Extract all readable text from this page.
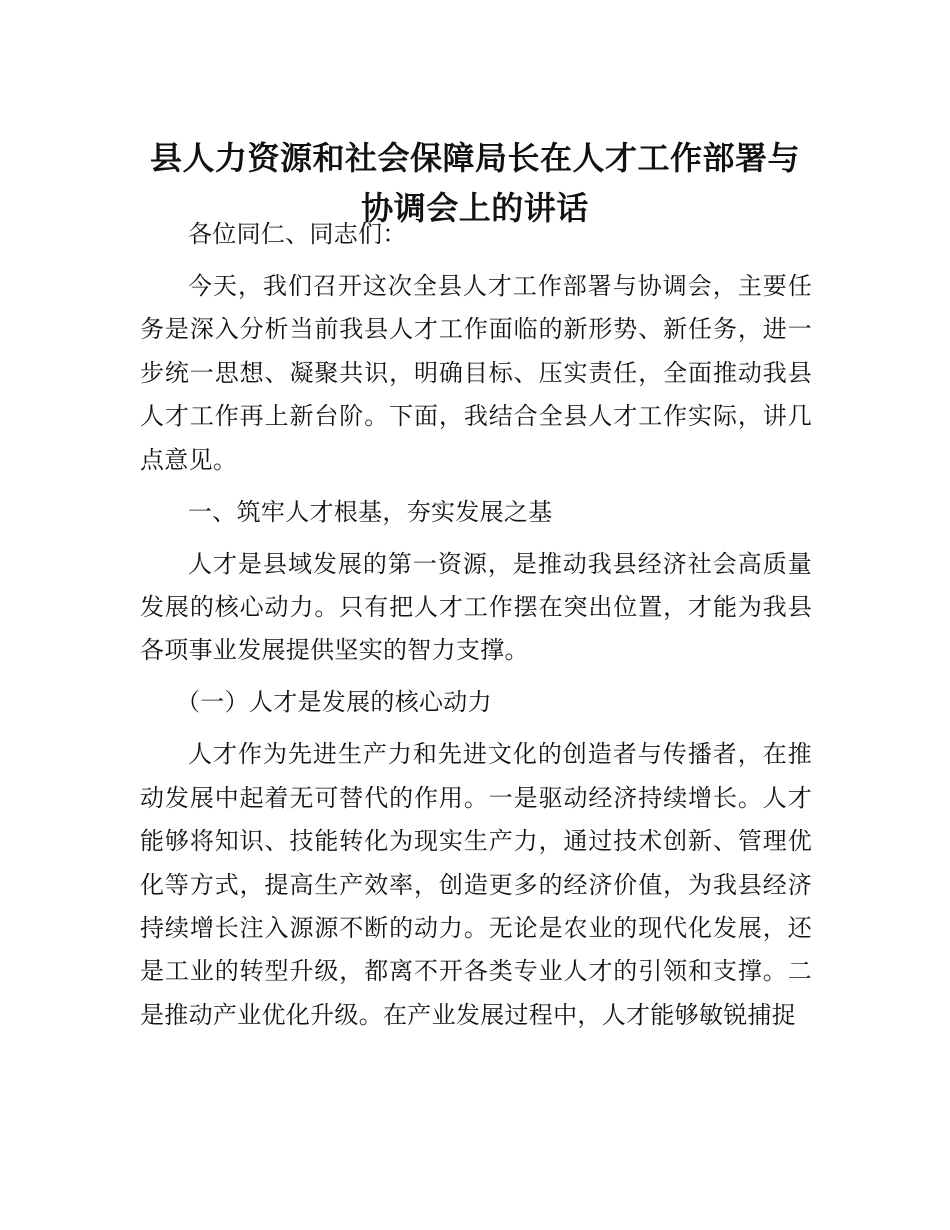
县人力资源和社会保障局长在人才工作部署与
协调会上的讲话

各位同仁、同志们：

今天，我们召开这次全县人才工作部署与协调会，主要任务是深入分析当前我县人才工作面临的新形势、新任务，进一步统一思想、凝聚共识，明确目标、压实责任，全面推动我县人才工作再上新台阶。下面，我结合全县人才工作实际，讲几点意见。

一、筑牢人才根基，夯实发展之基

人才是县域发展的第一资源，是推动我县经济社会高质量发展的核心动力。只有把人才工作摆在突出位置，才能为我县各项事业发展提供坚实的智力支撑。

（一）人才是发展的核心动力

人才作为先进生产力和先进文化的创造者与传播者，在推动发展中起着无可替代的作用。一是驱动经济持续增长。人才能够将知识、技能转化为现实生产力，通过技术创新、管理优化等方式，提高生产效率，创造更多的经济价值，为我县经济持续增长注入源源不断的动力。无论是农业的现代化发展，还是工业的转型升级，都离不开各类专业人才的引领和支撑。二是推动产业优化升级。在产业发展过程中，人才能够敏锐捕捉
